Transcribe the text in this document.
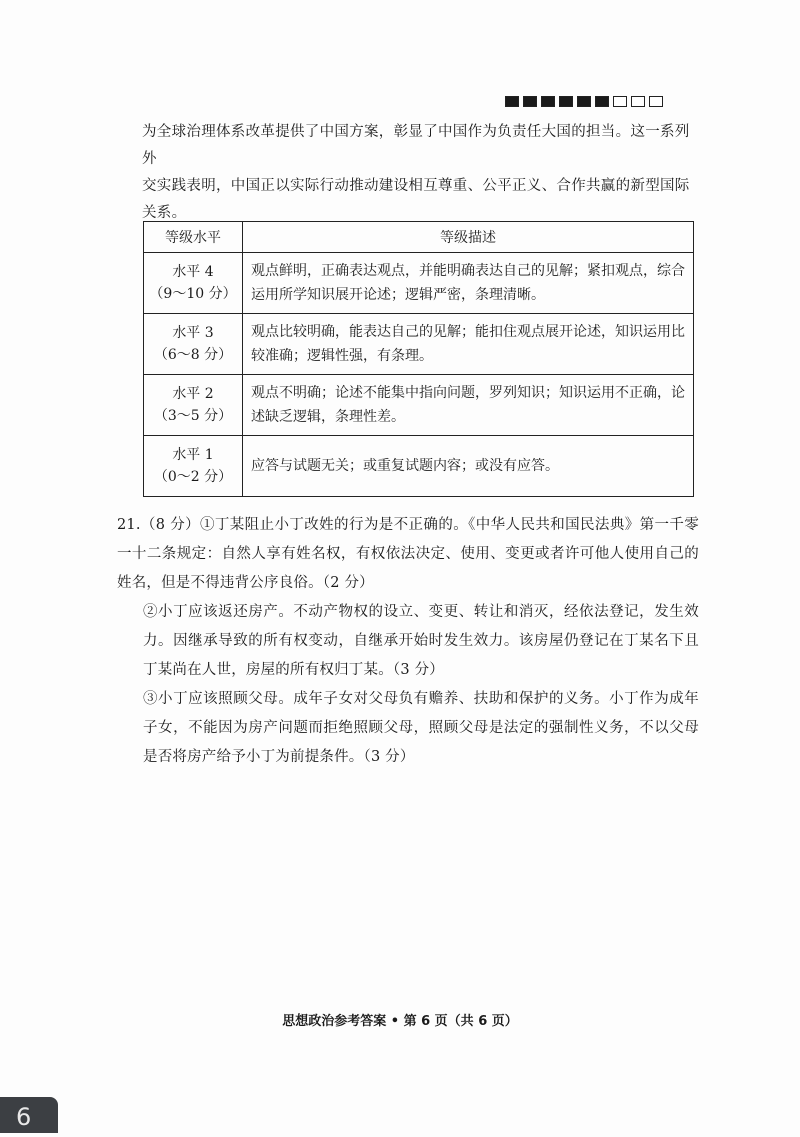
为全球治理体系改革提供了中国方案，彰显了中国作为负责任大国的担当。这一系列外

交实践表明，中国正以实际行动推动建设相互尊重、公平正义、合作共赢的新型国际

关系。

等级水平	等级描述

水平 4
（9～10 分）	观点鲜明，正确表达观点，并能明确表达自己的见解；紧扣观点，综合运用所学知识展开论述；逻辑严密，条理清晰。

水平 3
（6～8 分）	观点比较明确，能表达自己的见解；能扣住观点展开论述，知识运用比较准确；逻辑性强，有条理。

水平 2
（3～5 分）	观点不明确；论述不能集中指向问题，罗列知识；知识运用不正确，论述缺乏逻辑，条理性差。

水平 1
（0～2 分）	应答与试题无关；或重复试题内容；或没有应答。

21.（8 分）①丁某阻止小丁改姓的行为是不正确的。《中华人民共和国民法典》第一千零一十二条规定：自然人享有姓名权，有权依法决定、使用、变更或者许可他人使用自己的姓名，但是不得违背公序良俗。（2 分）

②小丁应该返还房产。不动产物权的设立、变更、转让和消灭，经依法登记，发生效力。因继承导致的所有权变动，自继承开始时发生效力。该房屋仍登记在丁某名下且丁某尚在人世，房屋的所有权归丁某。（3 分）

③小丁应该照顾父母。成年子女对父母负有赡养、扶助和保护的义务。小丁作为成年子女，不能因为房产问题而拒绝照顾父母，照顾父母是法定的强制性义务，不以父母是否将房产给予小丁为前提条件。（3 分）

思想政治参考答案 • 第 6 页（共 6 页）
6
